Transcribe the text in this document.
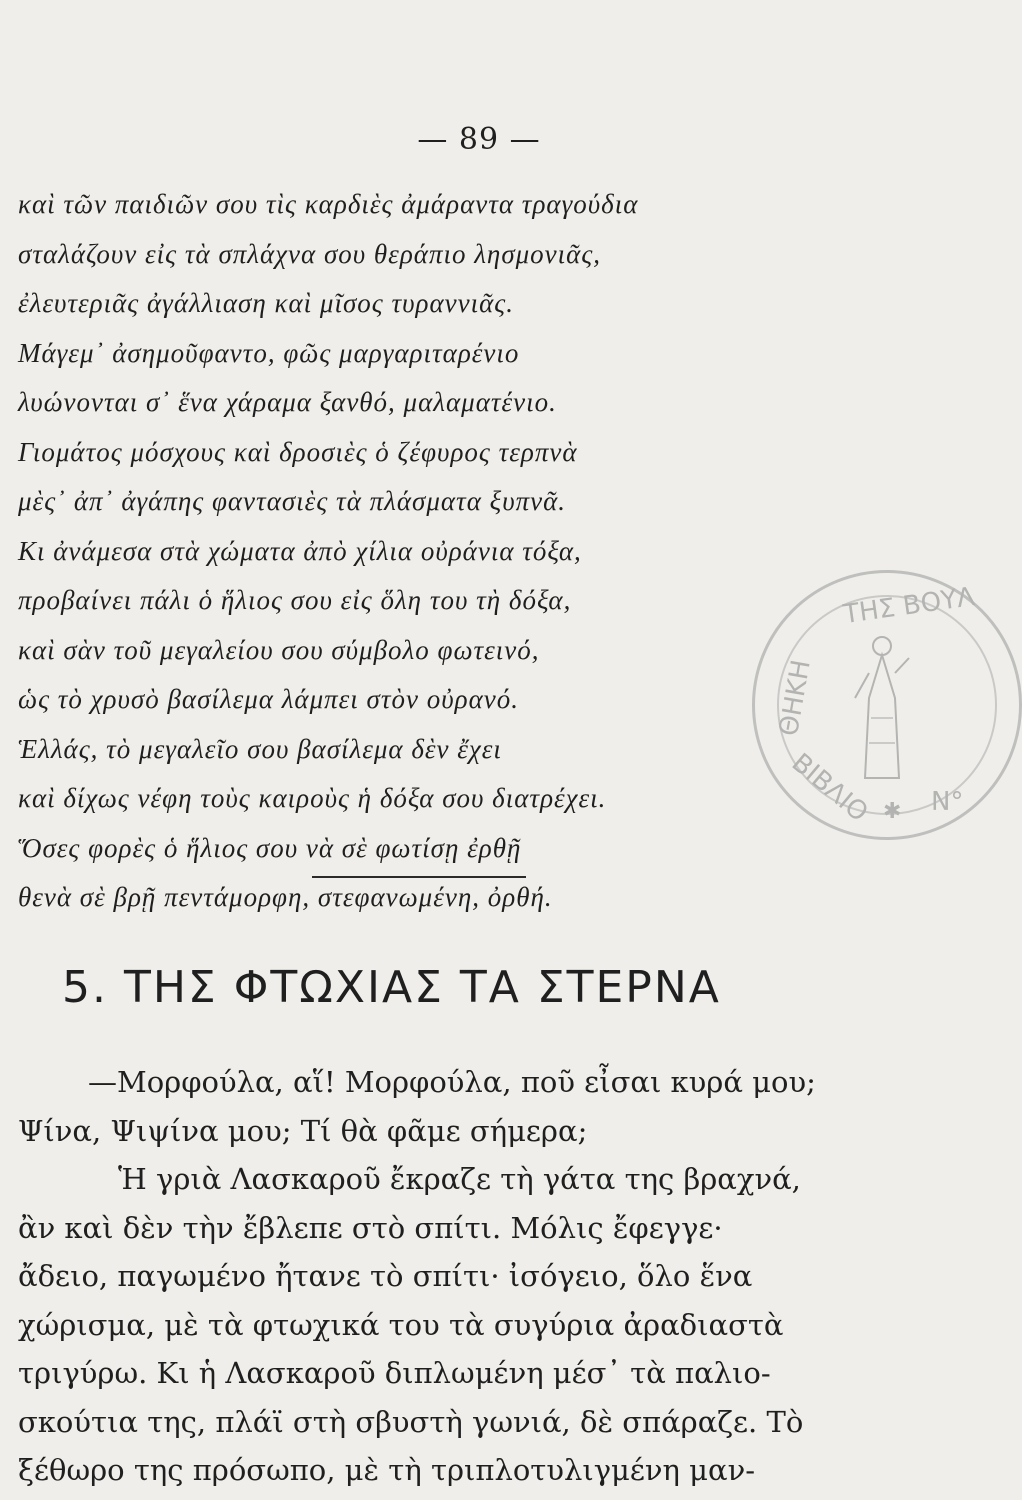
— 89 —
καὶ τῶν παιδιῶν σου τὶς καρδιὲς ἀμάραντα τραγούδια
σταλάζουν εἰς τὰ σπλάχνα σου θεράπιο λησμονιᾶς,
ἐλευτεριᾶς ἀγάλλιαση καὶ μῖσος τυραννιᾶς.
Μάγεμ᾿ ἀσημοῦφαντο, φῶς μαργαριταρένιο
λυώνονται σ᾿ ἕνα χάραμα ξανθό, μαλαματένιο.
Γιομάτος μόσχους καὶ δροσιὲς ὁ ζέφυρος τερπνὰ
μὲς᾿ ἀπ᾿ ἀγάπης φαντασιὲς τὰ πλάσματα ξυπνᾶ.
Κι ἀνάμεσα στὰ χώματα ἀπὸ χίλια οὐράνια τόξα,
προβαίνει πάλι ὁ ἥλιος σου εἰς ὅλη του τὴ δόξα,
καὶ σὰν τοῦ μεγαλείου σου σύμβολο φωτεινό,
ὡς τὸ χρυσὸ βασίλεμα λάμπει στὸν οὐρανό.
Ἑλλάς, τὸ μεγαλεῖο σου βασίλεμα δὲν ἔχει
καὶ δίχως νέφη τοὺς καιροὺς ἡ δόξα σου διατρέχει.
Ὅσες φορὲς ὁ ἥλιος σου νὰ σὲ φωτίσῃ ἐρθῇ
θενὰ σὲ βρῇ πεντάμορφη, στεφανωμένη, ὀρθή.
ΤΗΣ ΒΟΥΛ
ΘΗΚΗ
ΒΙΒΛΙΟ Ν°
✱
5. ΤΗΣ ΦΤΩΧΙΑΣ ΤΑ ΣΤΕΡΝΑ
—Μορφούλα, αἵ! Μορφούλα, ποῦ εἶσαι κυρά μου;
Ψίνα, Ψιψίνα μου; Τί θὰ φᾶμε σήμερα;
Ἡ γριὰ Λασκαροῦ ἔκραζε τὴ γάτα της βραχνά,
ἂν καὶ δὲν τὴν ἔβλεπε στὸ σπίτι. Μόλις ἔφεγγε·
ἄδειο, παγωμένο ἤτανε τὸ σπίτι· ἰσόγειο, ὅλο ἕνα
χώρισμα, μὲ τὰ φτωχικά του τὰ συγύρια ἀραδιαστὰ
τριγύρω. Κι ἡ Λασκαροῦ διπλωμένη μέσ᾿ τὰ παλιο-
σκούτια της, πλάϊ στὴ σβυστὴ γωνιά, δὲ σπάραζε. Τὸ
ξέθωρο της πρόσωπο, μὲ τὴ τριπλοτυλιγμένη μαν-
